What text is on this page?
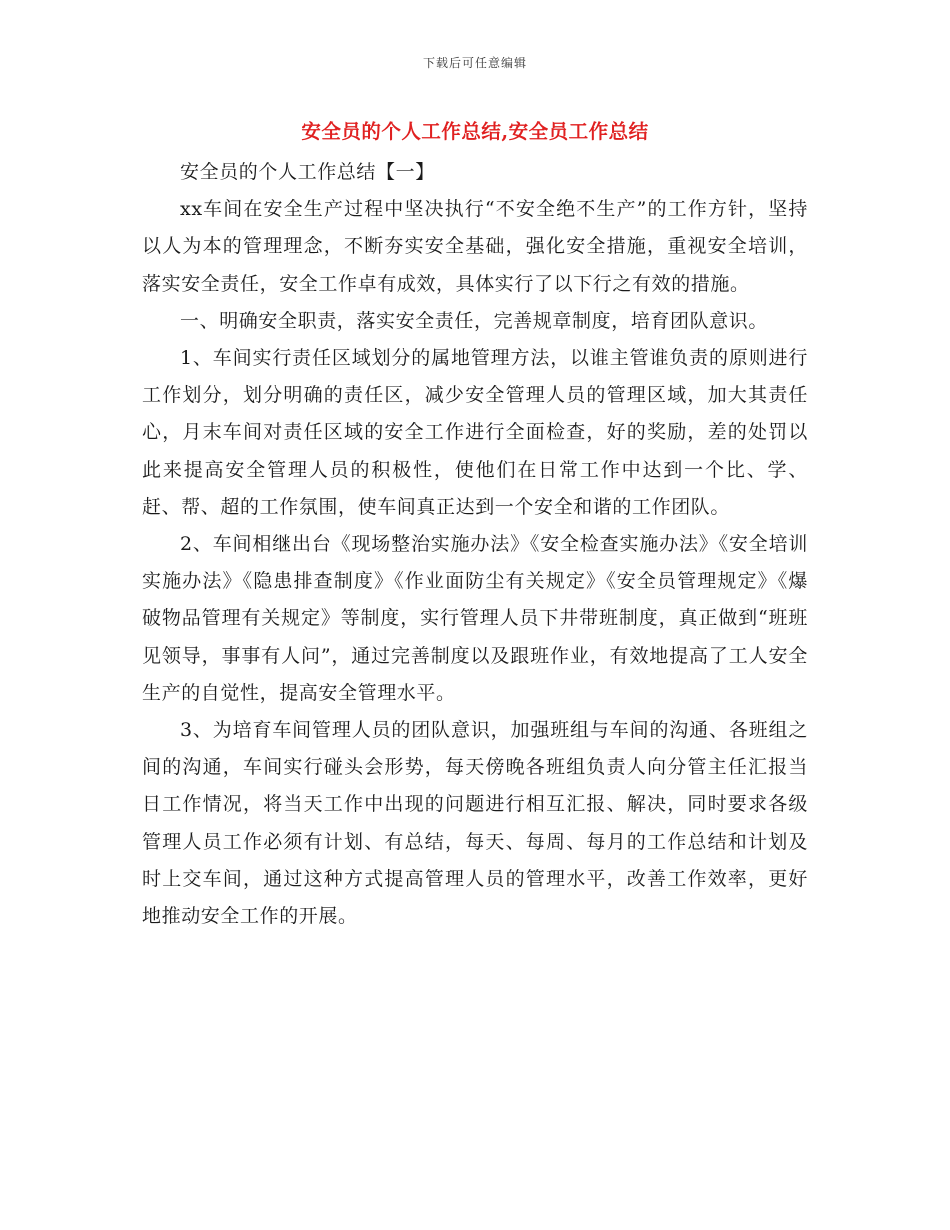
下载后可任意编辑
安全员的个人工作总结,安全员工作总结

安全员的个人工作总结【一】

xx车间在安全生产过程中坚决执行“不安全绝不生产”的工作方针，坚持以人为本的管理理念，不断夯实安全基础，强化安全措施，重视安全培训，落实安全责任，安全工作卓有成效，具体实行了以下行之有效的措施。

一、明确安全职责，落实安全责任，完善规章制度，培育团队意识。

1、车间实行责任区域划分的属地管理方法，以谁主管谁负责的原则进行工作划分，划分明确的责任区，减少安全管理人员的管理区域，加大其责任心，月末车间对责任区域的安全工作进行全面检查，好的奖励，差的处罚以此来提高安全管理人员的积极性，使他们在日常工作中达到一个比、学、赶、帮、超的工作氛围，使车间真正达到一个安全和谐的工作团队。

2、车间相继出台《现场整治实施办法》《安全检查实施办法》《安全培训实施办法》《隐患排查制度》《作业面防尘有关规定》《安全员管理规定》《爆破物品管理有关规定》等制度，实行管理人员下井带班制度，真正做到“班班见领导，事事有人问”，通过完善制度以及跟班作业，有效地提高了工人安全生产的自觉性，提高安全管理水平。

3、为培育车间管理人员的团队意识，加强班组与车间的沟通、各班组之间的沟通，车间实行碰头会形势，每天傍晚各班组负责人向分管主任汇报当日工作情况，将当天工作中出现的问题进行相互汇报、解决，同时要求各级管理人员工作必须有计划、有总结，每天、每周、每月的工作总结和计划及时上交车间，通过这种方式提高管理人员的管理水平，改善工作效率，更好地推动安全工作的开展。
